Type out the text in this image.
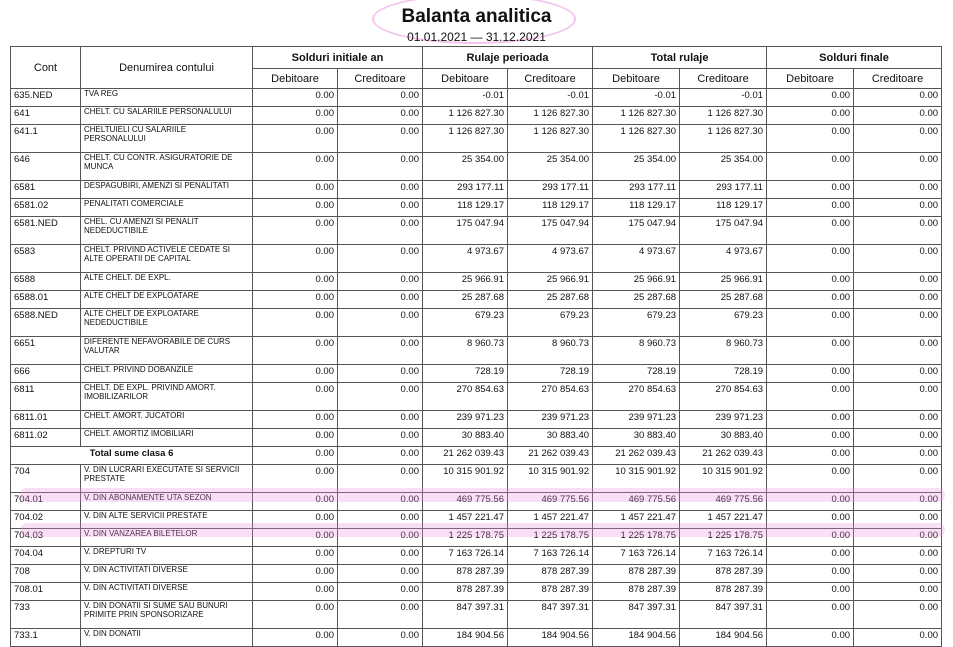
Balanta analitica
01.01.2021 — 31.12.2021
Cont	Denumirea contului	Solduri initiale an		Rulaje perioada		Total rulaje		Solduri finale	
		Debitoare	Creditoare	Debitoare	Creditoare	Debitoare	Creditoare	Debitoare	Creditoare
635.NED	TVA REG	0.00	0.00	-0.01	-0.01	-0.01	-0.01	0.00	0.00
641	CHELT. CU SALARIILE PERSONALULUI	0.00	0.00	1 126 827.30	1 126 827.30	1 126 827.30	1 126 827.30	0.00	0.00
641.1	CHELTUIELI CU SALARIILE PERSONALULUI	0.00	0.00	1 126 827.30	1 126 827.30	1 126 827.30	1 126 827.30	0.00	0.00
646	CHELT. CU CONTR. ASIGURATORIE DE MUNCA	0.00	0.00	25 354.00	25 354.00	25 354.00	25 354.00	0.00	0.00
6581	DESPAGUBIRI, AMENZI SI PENALITATI	0.00	0.00	293 177.11	293 177.11	293 177.11	293 177.11	0.00	0.00
6581.02	PENALITATI COMERCIALE	0.00	0.00	118 129.17	118 129.17	118 129.17	118 129.17	0.00	0.00
6581.NED	CHEL. CU AMENZI SI PENALIT NEDEDUCTIBILE	0.00	0.00	175 047.94	175 047.94	175 047.94	175 047.94	0.00	0.00
6583	CHELT. PRIVIND ACTIVELE CEDATE SI ALTE OPERATII DE CAPITAL	0.00	0.00	4 973.67	4 973.67	4 973.67	4 973.67	0.00	0.00
6588	ALTE CHELT. DE EXPL.	0.00	0.00	25 966.91	25 966.91	25 966.91	25 966.91	0.00	0.00
6588.01	ALTE CHELT DE EXPLOATARE	0.00	0.00	25 287.68	25 287.68	25 287.68	25 287.68	0.00	0.00
6588.NED	ALTE CHELT DE EXPLOATARE NEDEDUCTIBILE	0.00	0.00	679.23	679.23	679.23	679.23	0.00	0.00
6651	DIFERENTE NEFAVORABILE DE CURS VALUTAR	0.00	0.00	8 960.73	8 960.73	8 960.73	8 960.73	0.00	0.00
666	CHELT. PRIVIND DOBANZILE	0.00	0.00	728.19	728.19	728.19	728.19	0.00	0.00
6811	CHELT. DE EXPL. PRIVIND AMORT. IMOBILIZARILOR	0.00	0.00	270 854.63	270 854.63	270 854.63	270 854.63	0.00	0.00
6811.01	CHELT. AMORT. JUCATORI	0.00	0.00	239 971.23	239 971.23	239 971.23	239 971.23	0.00	0.00
6811.02	CHELT. AMORTIZ IMOBILIARI	0.00	0.00	30 883.40	30 883.40	30 883.40	30 883.40	0.00	0.00
Total sume clasa 6		0.00	0.00	21 262 039.43	21 262 039.43	21 262 039.43	21 262 039.43	0.00	0.00
704	V. DIN LUCRARI EXECUTATE SI SERVICII PRESTATE	0.00	0.00	10 315 901.92	10 315 901.92	10 315 901.92	10 315 901.92	0.00	0.00
704.01	V. DIN ABONAMENTE UTA SEZON	0.00	0.00	469 775.56	469 775.56	469 775.56	469 775.56	0.00	0.00
704.02	V. DIN ALTE SERVICII PRESTATE	0.00	0.00	1 457 221.47	1 457 221.47	1 457 221.47	1 457 221.47	0.00	0.00
704.03	V. DIN VANZAREA BILETELOR	0.00	0.00	1 225 178.75	1 225 178.75	1 225 178.75	1 225 178.75	0.00	0.00
704.04	V. DREPTURI TV	0.00	0.00	7 163 726.14	7 163 726.14	7 163 726.14	7 163 726.14	0.00	0.00
708	V. DIN ACTIVITATI DIVERSE	0.00	0.00	878 287.39	878 287.39	878 287.39	878 287.39	0.00	0.00
708.01	V. DIN ACTIVITATI DIVERSE	0.00	0.00	878 287.39	878 287.39	878 287.39	878 287.39	0.00	0.00
733	V. DIN DONATII SI SUME SAU BUNURI PRIMITE PRIN SPONSORIZARE	0.00	0.00	847 397.31	847 397.31	847 397.31	847 397.31	0.00	0.00
733.1	V. DIN DONATII	0.00	0.00	184 904.56	184 904.56	184 904.56	184 904.56	0.00	0.00
